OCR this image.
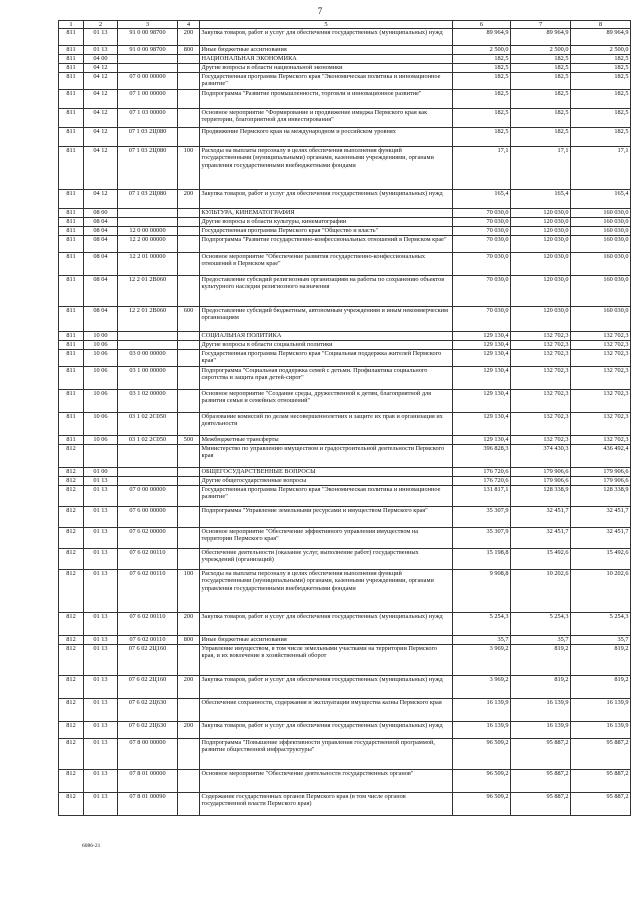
7
1	2	3	4	5	6	7	8
811	01 13	91 0 00 98700	200	Закупка товаров, работ и услуг для обеспечения государственных (муниципальных) нужд	89 964,9	89 964,9	89 964,9
811	01 13	91 0 00 98700	800	Иные бюджетные ассигнования	2 500,0	2 500,0	2 500,0
811	04 00			НАЦИОНАЛЬНАЯ ЭКОНОМИКА	182,5	182,5	182,5
811	04 12			Другие вопросы в области национальной экономики	182,5	182,5	182,5
811	04 12	07 0 00 00000		Государственная программа Пермского края "Экономическая политика и инновационное развитие"	182,5	182,5	182,5
811	04 12	07 1 00 00000		Подпрограмма "Развитие промышленности, торговли и инновационное развитие"	182,5	182,5	182,5
811	04 12	07 1 03 00000		Основное мероприятие "Формирование и продвижение имиджа Пермского края как территории, благоприятной для инвестирования"	182,5	182,5	182,5
811	04 12	07 1 03 2Ц080		Продвижение Пермского края на международном и российском уровнях	182,5	182,5	182,5
811	04 12	07 1 03 2Ц080	100	Расходы на выплаты персоналу в целях обеспечения выполнения функций государственными (муниципальными) органами, казенными учреждениями, органами управления государственными внебюджетными фондами	17,1	17,1	17,1
811	04 12	07 1 03 2Ц080	200	Закупка товаров, работ и услуг для обеспечения государственных (муниципальных) нужд	165,4	165,4	165,4
811	08 00			КУЛЬТУРА, КИНЕМАТОГРАФИЯ	70 030,0	120 030,0	160 030,0
811	08 04			Другие вопросы в области культуры, кинематографии	70 030,0	120 030,0	160 030,0
811	08 04	12 0 00 00000		Государственная программа Пермского края "Общество и власть"	70 030,0	120 030,0	160 030,0
811	08 04	12 2 00 00000		Подпрограмма "Развитие государственно-конфессиональных отношений в Пермском крае"	70 030,0	120 030,0	160 030,0
811	08 04	12 2 01 00000		Основное мероприятие "Обеспечение развития государственно-конфессиональных отношений в Пермском крае"	70 030,0	120 030,0	160 030,0
811	08 04	12 2 01 2В060		Предоставление субсидий религиозным организациям на работы по сохранению объектов культурного наследия религиозного назначения	70 030,0	120 030,0	160 030,0
811	08 04	12 2 01 2В060	600	Предоставление субсидий бюджетным, автономным учреждениям и иным некоммерческим организациям	70 030,0	120 030,0	160 030,0
811	10 00			СОЦИАЛЬНАЯ ПОЛИТИКА	129 130,4	132 702,3	132 702,3
811	10 06			Другие вопросы в области социальной политики	129 130,4	132 702,3	132 702,3
811	10 06	03 0 00 00000		Государственная программа Пермского края "Социальная поддержка жителей Пермского края"	129 130,4	132 702,3	132 702,3
811	10 06	03 1 00 00000		Подпрограмма "Социальная поддержка семей с детьми. Профилактика социального сиротства и защита прав детей-сирот"	129 130,4	132 702,3	132 702,3
811	10 06	03 1 02 00000		Основное мероприятие "Создание среды, дружественной к детям, благоприятной для развития семьи и семейных отношений"	129 130,4	132 702,3	132 702,3
811	10 06	03 1 02 2С050		Образование комиссий по делам несовершеннолетних и защите их прав и организация их деятельности	129 130,4	132 702,3	132 702,3
811	10 06	03 1 02 2С050	500	Межбюджетные трансферты	129 130,4	132 702,3	132 702,3
812				Министерство по управлению имуществом и градостроительной деятельности Пермского края	396 828,3	374 430,3	436 492,4
812	01 00			ОБЩЕГОСУДАРСТВЕННЫЕ ВОПРОСЫ	176 720,6	179 906,6	179 906,6
812	01 13			Другие общегосударственные вопросы	176 720,6	179 906,6	179 906,6
812	01 13	07 0 00 00000		Государственная программа Пермского края "Экономическая политика и инновационное развитие"	131 817,1	128 338,9	128 338,9
812	01 13	07 6 00 00000		Подпрограмма "Управление земельными ресурсами и имуществом Пермского края"	35 307,9	32 451,7	32 451,7
812	01 13	07 6 02 00000		Основное мероприятие "Обеспечение эффективного управления имуществом на территории Пермского края"	35 307,9	32 451,7	32 451,7
812	01 13	07 6 02 00110		Обеспечение деятельности (оказание услуг, выполнение работ) государственных учреждений (организаций)	15 198,8	15 492,6	15 492,6
812	01 13	07 6 02 00110	100	Расходы на выплаты персоналу в целях обеспечения выполнения функций государственными (муниципальными) органами, казенными учреждениями, органами управления государственными внебюджетными фондами	9 908,8	10 202,6	10 202,6
812	01 13	07 6 02 00110	200	Закупка товаров, работ и услуг для обеспечения государственных (муниципальных) нужд	5 254,3	5 254,3	5 254,3
812	01 13	07 6 02 00110	800	Иные бюджетные ассигнования	35,7	35,7	35,7
812	01 13	07 6 02 2Ц160		Управление имуществом, в том числе земельными участками на территории Пермского края, и их вовлечение в хозяйственный оборот	3 969,2	819,2	819,2
812	01 13	07 6 02 2Ц160	200	Закупка товаров, работ и услуг для обеспечения государственных (муниципальных) нужд	3 969,2	819,2	819,2
812	01 13	07 6 02 2Ц630		Обеспечение сохранности, содержания и эксплуатации имущества казны Пермского края	16 139,9	16 139,9	16 139,9
812	01 13	07 6 02 2Ц630	200	Закупка товаров, работ и услуг для обеспечения государственных (муниципальных) нужд	16 139,9	16 139,9	16 139,9
812	01 13	07 8 00 00000		Подпрограмма "Повышение эффективности управления государственной программой, развитие общественной инфраструктуры"	96 509,2	95 887,2	95 887,2
812	01 13	07 8 01 00000		Основное мероприятие "Обеспечение деятельности государственных органов"	96 509,2	95 887,2	95 887,2
812	01 13	07 8 01 00090		Содержание государственных органов Пермского края (в том числе органов государственной власти Пермского края)	96 509,2	95 887,2	95 887,2
6086-21
